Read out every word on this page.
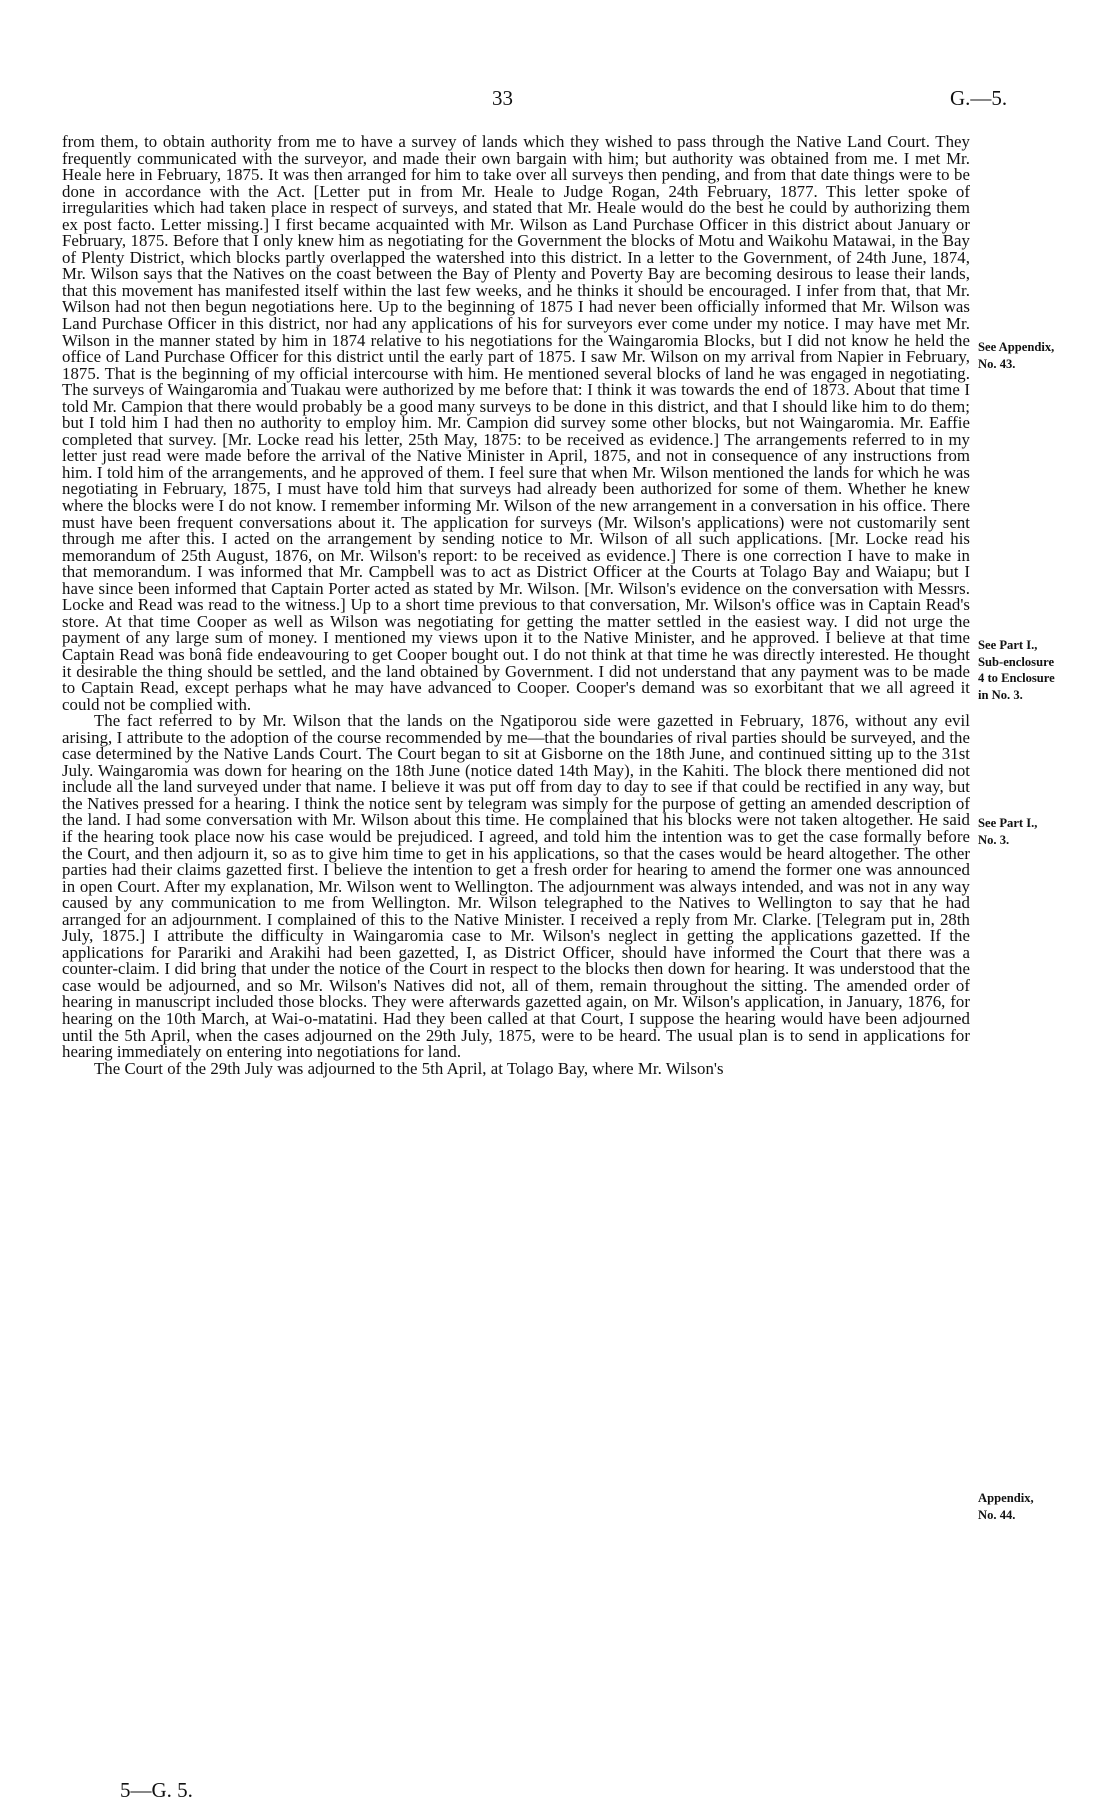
33	G.—5.

from them, to obtain authority from me to have a survey of lands which they wished to pass through the Native Land Court. They frequently communicated with the surveyor, and made their own bargain with him; but authority was obtained from me. I met Mr. Heale here in February, 1875. It was then arranged for him to take over all surveys then pending, and from that date things were to be done in accordance with the Act. [Letter put in from Mr. Heale to Judge Rogan, 24th February, 1877. This letter spoke of irregularities which had taken place in respect of surveys, and stated that Mr. Heale would do the best he could by authorizing them ex post facto. Letter missing.] I first became acquainted with Mr. Wilson as Land Purchase Officer in this district about January or February, 1875. Before that I only knew him as negotiating for the Government the blocks of Motu and Waikohu Matawai, in the Bay of Plenty District, which blocks partly overlapped the watershed into this district. In a letter to the Government, of 24th June, 1874, Mr. Wilson says that the Natives on the coast between the Bay of Plenty and Poverty Bay are becoming desirous to lease their lands, that this movement has manifested itself within the last few weeks, and he thinks it should be encouraged. I infer from that, that Mr. Wilson had not then begun negotiations here. Up to the beginning of 1875 I had never been officially informed that Mr. Wilson was Land Purchase Officer in this district, nor had any applications of his for surveyors ever come under my notice. I may have met Mr. Wilson in the manner stated by him in 1874 relative to his negotiations for the Waingaromia Blocks, but I did not know he held the office of Land Purchase Officer for this district until the early part of 1875. I saw Mr. Wilson on my arrival from Napier in February, 1875. That is the beginning of my official intercourse with him. He mentioned several blocks of land he was engaged in negotiating. The surveys of Waingaromia and Tuakau were authorized by me before that: I think it was towards the end of 1873. About that time I told Mr. Campion that there would probably be a good many surveys to be done in this district, and that I should like him to do them; but I told him I had then no authority to employ him. Mr. Campion did survey some other blocks, but not Waingaromia. Mr. Eaffie completed that survey. [Mr. Locke read his letter, 25th May, 1875: to be received as evidence.] The arrangements referred to in my letter just read were made before the arrival of the Native Minister in April, 1875, and not in consequence of any instructions from him. I told him of the arrangements, and he approved of them. I feel sure that when Mr. Wilson mentioned the lands for which he was negotiating in February, 1875, I must have told him that surveys had already been authorized for some of them. Whether he knew where the blocks were I do not know. I remember informing Mr. Wilson of the new arrangement in a conversation in his office. There must have been frequent conversations about it. The application for surveys (Mr. Wilson's applications) were not customarily sent through me after this. I acted on the arrangement by sending notice to Mr. Wilson of all such applications. [Mr. Locke read his memorandum of 25th August, 1876, on Mr. Wilson's report: to be received as evidence.] There is one correction I have to make in that memorandum. I was informed that Mr. Campbell was to act as District Officer at the Courts at Tolago Bay and Waiapu; but I have since been informed that Captain Porter acted as stated by Mr. Wilson. [Mr. Wilson's evidence on the conversation with Messrs. Locke and Read was read to the witness.] Up to a short time previous to that conversation, Mr. Wilson's office was in Captain Read's store. At that time Cooper as well as Wilson was negotiating for getting the matter settled in the easiest way. I did not urge the payment of any large sum of money. I mentioned my views upon it to the Native Minister, and he approved. I believe at that time Captain Read was bonâ fide endeavouring to get Cooper bought out. I do not think at that time he was directly interested. He thought it desirable the thing should be settled, and the land obtained by Government. I did not understand that any payment was to be made to Captain Read, except perhaps what he may have advanced to Cooper. Cooper's demand was so exorbitant that we all agreed it could not be complied with.

The fact referred to by Mr. Wilson that the lands on the Ngatiporou side were gazetted in February, 1876, without any evil arising, I attribute to the adoption of the course recommended by me—that the boundaries of rival parties should be surveyed, and the case determined by the Native Lands Court. The Court began to sit at Gisborne on the 18th June, and continued sitting up to the 31st July. Waingaromia was down for hearing on the 18th June (notice dated 14th May), in the Kahiti. The block there mentioned did not include all the land surveyed under that name. I believe it was put off from day to day to see if that could be rectified in any way, but the Natives pressed for a hearing. I think the notice sent by telegram was simply for the purpose of getting an amended description of the land. I had some conversation with Mr. Wilson about this time. He complained that his blocks were not taken altogether. He said if the hearing took place now his case would be prejudiced. I agreed, and told him the intention was to get the case formally before the Court, and then adjourn it, so as to give him time to get in his applications, so that the cases would be heard altogether. The other parties had their claims gazetted first. I believe the intention to get a fresh order for hearing to amend the former one was announced in open Court. After my explanation, Mr. Wilson went to Wellington. The adjournment was always intended, and was not in any way caused by any communication to me from Wellington. Mr. Wilson telegraphed to the Natives to Wellington to say that he had arranged for an adjournment. I complained of this to the Native Minister. I received a reply from Mr. Clarke. [Telegram put in, 28th July, 1875.] I attribute the difficulty in Waingaromia case to Mr. Wilson's neglect in getting the applications gazetted. If the applications for Parariki and Arakihi had been gazetted, I, as District Officer, should have informed the Court that there was a counter-claim. I did bring that under the notice of the Court in respect to the blocks then down for hearing. It was understood that the case would be adjourned, and so Mr. Wilson's Natives did not, all of them, remain throughout the sitting. The amended order of hearing in manuscript included those blocks. They were afterwards gazetted again, on Mr. Wilson's application, in January, 1876, for hearing on the 10th March, at Wai-o-matatini. Had they been called at that Court, I suppose the hearing would have been adjourned until the 5th April, when the cases adjourned on the 29th July, 1875, were to be heard. The usual plan is to send in applications for hearing immediately on entering into negotiations for land.

The Court of the 29th July was adjourned to the 5th April, at Tolago Bay, where Mr. Wilson's

See Appendix,
No. 43.
See Part I.,
Sub-enclosure
4 to Enclosure
in No. 3.
See Part I.,
No. 3.
Appendix,
No. 44.
5—G. 5.
